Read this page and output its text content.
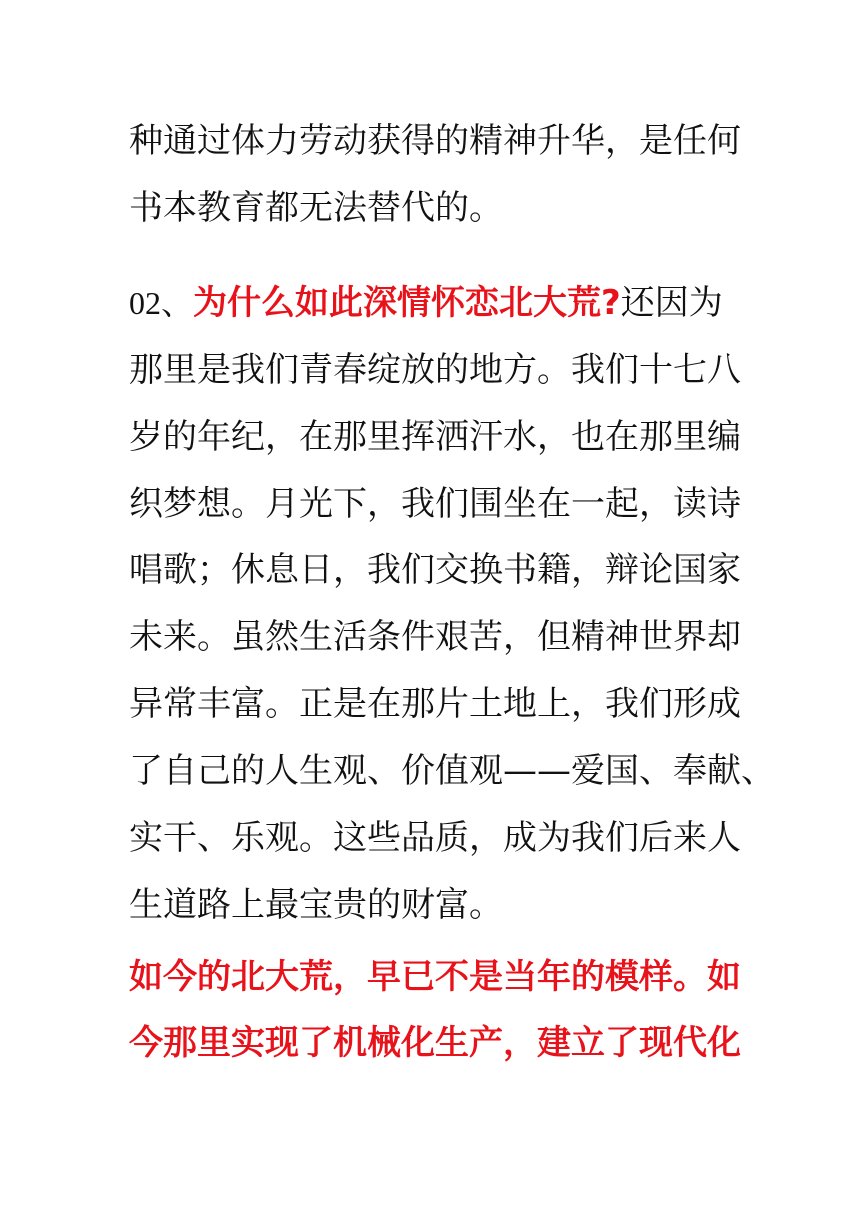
种通过体力劳动获得的精神升华，是任何
书本教育都无法替代的。
02、为什么如此深情怀恋北大荒?还因为
那里是我们青春绽放的地方。我们十七八
岁的年纪，在那里挥洒汗水，也在那里编
织梦想。月光下，我们围坐在一起，读诗
唱歌；休息日，我们交换书籍，辩论国家
未来。虽然生活条件艰苦，但精神世界却
异常丰富。正是在那片土地上，我们形成
了自己的人生观、价值观——爱国、奉献、
实干、乐观。这些品质，成为我们后来人
生道路上最宝贵的财富。
如今的北大荒，早已不是当年的模样。如
今那里实现了机械化生产，建立了现代化
